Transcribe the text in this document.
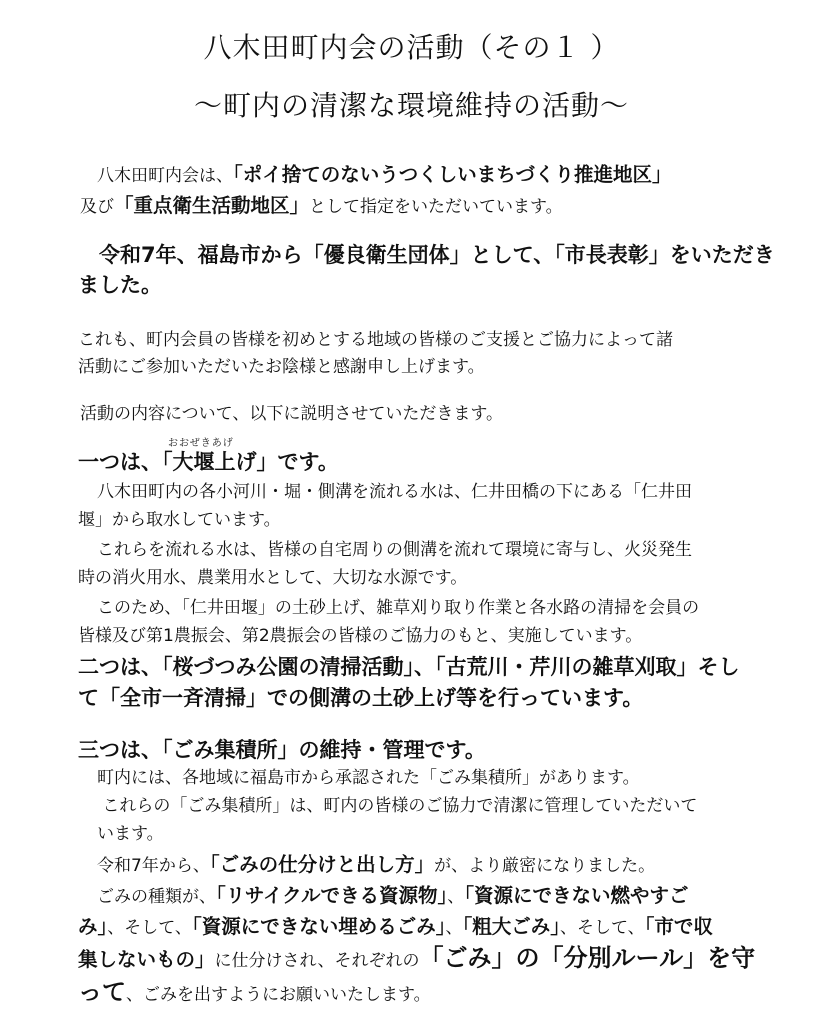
八木田町内会の活動（その１ ）
～町内の清潔な環境維持の活動～
おおぜきあげ
　八木田町内会は、「ポイ捨てのないうつくしいまちづくり推進地区」
及び「重点衛生活動地区」として指定をいただいています。
　令和7年、福島市から「優良衛生団体」として、「市長表彰」をいただき
ました。
これも、町内会員の皆様を初めとする地域の皆様のご支援とご協力によって諸
活動にご参加いただいたお陰様と感謝申し上げます。
活動の内容について、以下に説明させていただきます。
一つは、「大堰上げ」です。
　八木田町内の各小河川・堀・側溝を流れる水は、仁井田橋の下にある「仁井田
堰」から取水しています。
　これらを流れる水は、皆様の自宅周りの側溝を流れて環境に寄与し、火災発生
時の消火用水、農業用水として、大切な水源です。
　このため、「仁井田堰」の土砂上げ、雑草刈り取り作業と各水路の清掃を会員の
皆様及び第1農振会、第2農振会の皆様のご協力のもと、実施しています。
二つは、「桜づつみ公園の清掃活動」、「古荒川・芹川の雑草刈取」そし
て「全市一斉清掃」での側溝の土砂上げ等を行っています。
三つは、「ごみ集積所」の維持・管理です。
　町内には、各地域に福島市から承認された「ごみ集積所」があります。
　 これらの「ごみ集積所」は、町内の皆様のご協力で清潔に管理していただいて
　います。
　令和7年から、「ごみの仕分けと出し方」が、より厳密になりました。
　ごみの種類が、「リサイクルできる資源物」、「資源にできない燃やすご
み」、そして、「資源にできない埋めるごみ」、「粗大ごみ」、そして、「市で収
集しないもの」に仕分けされ、それぞれの「ごみ」の「分別ルール」を守
って、ごみを出すようにお願いいたします。
